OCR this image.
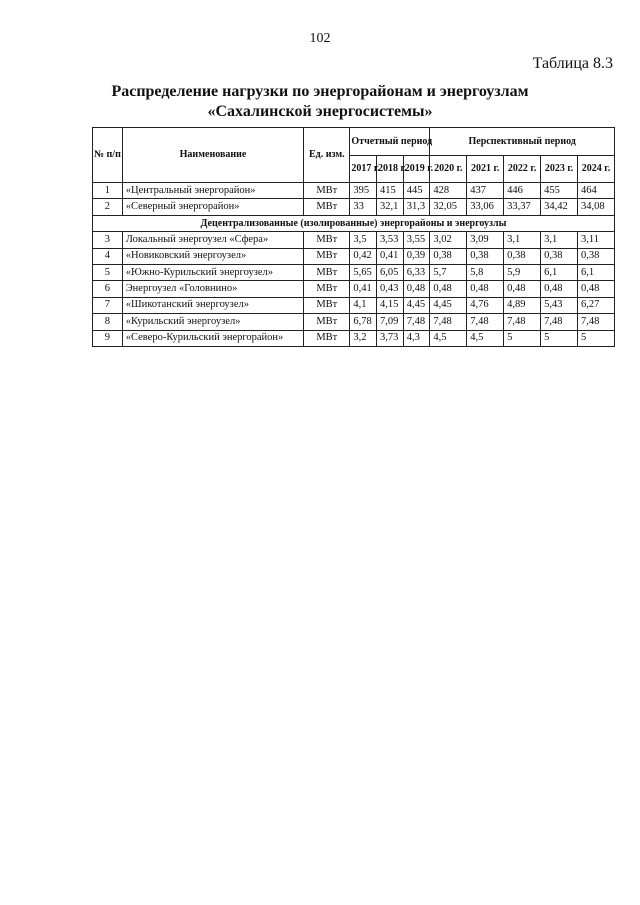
102
Таблица 8.3
Распределение нагрузки по энергорайонам и энергоузлам
«Сахалинской энергосистемы»
№ п/п	Наименование	Ед. изм.	Отчетный период			Перспективный период				
			2017 г.	2018 г.	2019 г.	2020 г.	2021 г.	2022 г.	2023 г.	2024 г.
1	«Центральный энергорайон»	МВт	395	415	445	428	437	446	455	464
2	«Северный энергорайон»	МВт	33	32,1	31,3	32,05	33,06	33,37	34,42	34,08
Децентрализованные (изолированные) энергорайоны и энергоузлы										
3	Локальный энергоузел «Сфера»	МВт	3,5	3,53	3,55	3,02	3,09	3,1	3,1	3,11
4	«Новиковский энергоузел»	МВт	0,42	0,41	0,39	0,38	0,38	0,38	0,38	0,38
5	«Южно-Курильский энергоузел»	МВт	5,65	6,05	6,33	5,7	5,8	5,9	6,1	6,1
6	Энергоузел «Головнино»	МВт	0,41	0,43	0,48	0,48	0,48	0,48	0,48	0,48
7	«Шикотанский энергоузел»	МВт	4,1	4,15	4,45	4,45	4,76	4,89	5,43	6,27
8	«Курильский энергоузел»	МВт	6,78	7,09	7,48	7,48	7,48	7,48	7,48	7,48
9	«Северо-Курильский энергорайон»	МВт	3,2	3,73	4,3	4,5	4,5	5	5	5
